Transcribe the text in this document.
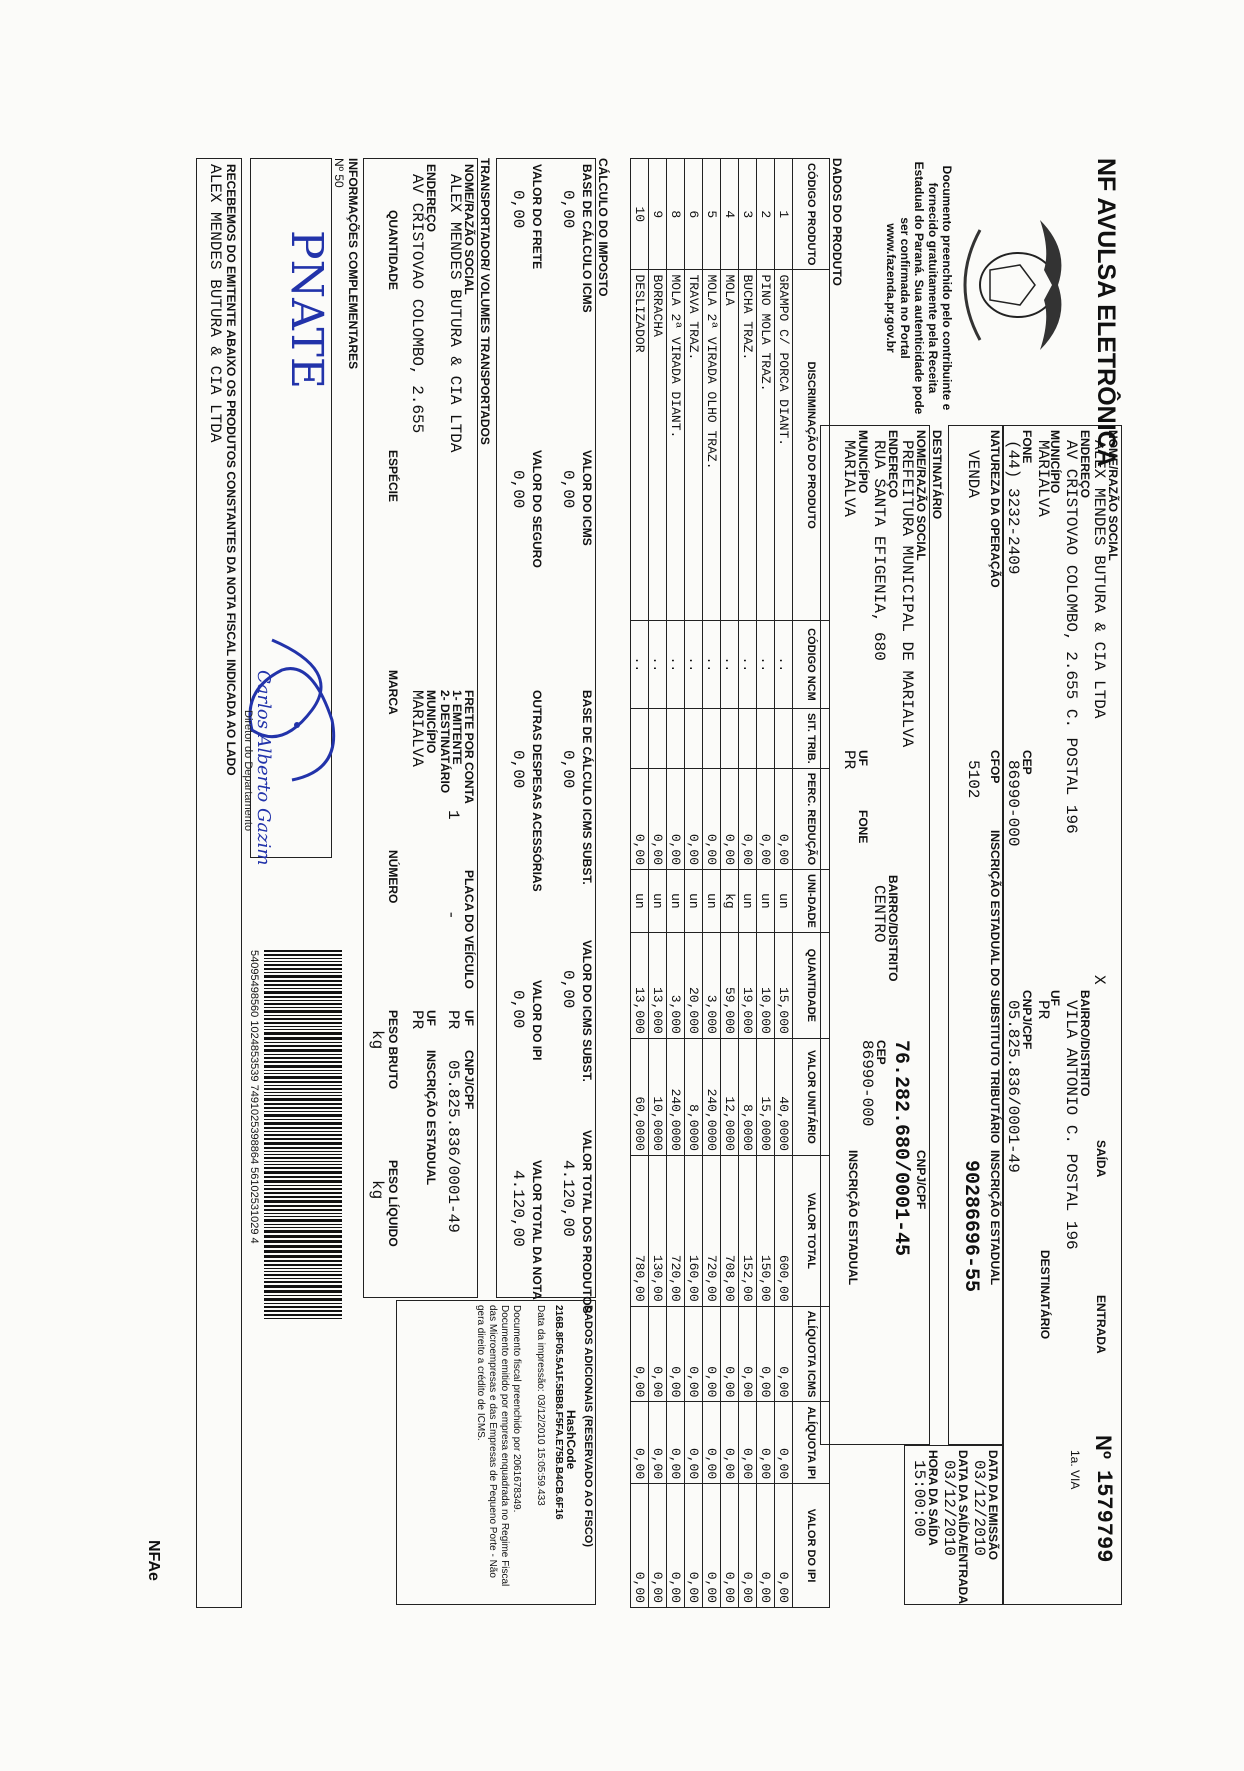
NF AVULSA ELETRÔNICA
Documento preenchido pelo contribuinte e fornecido gratuitamente pela Receita Estadual do Paraná. Sua autenticidade pode ser confirmada no Portal www.fazenda.pr.gov.br
NOME/RAZÃO SOCIAL
ALEX MENDES BUTURA & CIA LTDA
ENDEREÇO
AV CRISTOVAO COLOMBO, 2.655 C. POSTAL 196
MUNICÍPIO
MARIALVA
FONE
(44) 3232-2409
CEP
86990-000
X
SAÍDA
ENTRADA
Nº
1579799
1a. VIA
BAIRRO/DISTRITO
VILA ANTONIO C. POSTAL 196
UF
PR
DESTINATÁRIO
CNPJ/CPF
05.825.836/0001-49
NATUREZA DA OPERAÇÃO
VENDA
CFOP
5102
INSCRIÇÃO ESTADUAL DO SUBSTITUTO TRIBUTÁRIO
INSCRIÇÃO ESTADUAL
90286696-55
DATA DA EMISSÃO
03/12/2010
DATA DA SAÍDA/ENTRADA
03/12/2010
HORA DA SAÍDA
15:00:00
DESTINATÁRIO
NOME/RAZÃO SOCIAL
PREFEITURA MUNICIPAL DE MARIALVA
CNPJ/CPF
76.282.680/0001-45
ENDEREÇO
RUA SANTA EFIGENIA, 680
BAIRRO/DISTRITO
CENTRO
CEP
86990-000
MUNICÍPIO
MARIALVA
UF
PR
FONE
INSCRIÇÃO ESTADUAL
DADOS DO PRODUTO
CÓDIGO PRODUTO	DISCRIMINAÇÃO DO PRODUTO	CÓDIGO NCM	SIT. TRIB.	PERC. REDUÇÃO	UNI-DADE	QUANTIDADE	VALOR UNITÁRIO	VALOR TOTAL	ALÍQUOTA ICMS	ALÍQUOTA IPI	VALOR DO IPI
1	GRAMPO C/ PORCA DIANT.	..		0,00	un	15,000	40,0000	600,00	0,00	0,00	0,00
2	PINO MOLA TRAZ.	..		0,00	un	10,000	15,0000	150,00	0,00	0,00	0,00
3	BUCHA TRAZ.	..		0,00	un	19,000	8,0000	152,00	0,00	0,00	0,00
4	MOLA	..		0,00	kg	59,000	12,0000	708,00	0,00	0,00	0,00
5	MOLA 2ª VIRADA OLHO TRAZ.	..		0,00	un	3,000	240,0000	720,00	0,00	0,00	0,00
6	TRAVA TRAZ.	..		0,00	un	20,000	8,0000	160,00	0,00	0,00	0,00
8	MOLA 2ª VIRADA DIANT.	..		0,00	un	3,000	240,0000	720,00	0,00	0,00	0,00
9	BORRACHA	..		0,00	un	13,000	10,0000	130,00	0,00	0,00	0,00
10	DESLIZADOR	..		0,00	un	13,000	60,0000	780,00	0,00	0,00	0,00
CÁLCULO DO IMPOSTO
BASE DE CÁLCULO ICMS
0,00
VALOR DO ICMS
0,00
BASE DE CÁLCULO ICMS SUBST.
0,00
VALOR DO ICMS SUBST.
0,00
VALOR TOTAL DOS PRODUTOS
4.120,00
VALOR DO FRETE
0,00
VALOR DO SEGURO
0,00
OUTRAS DESPESAS ACESSÓRIAS
0,00
VALOR DO IPI
0,00
VALOR TOTAL DA NOTA
4.120,00
DADOS ADICIONAIS (RESERVADO AO FISCO)
HashCode
216B.8F05.5A1F.5BB8.F5FA.E75B.B4CB.6F16
Data da impressão: 03/12/2010 15:05:59.433
Documento fiscal preenchido por 2061678349.
Documento emitido por empresa enquadrada no Regime Fiscal das Microempresas e das Empresas de Pequeno Porte - Não gera direito a crédito de ICMS.
TRANSPORTADOR/ VOLUMES TRANSPORTADOS
NOME/RAZÃO SOCIAL
ALEX MENDES BUTURA & CIA LTDA
FRETE POR CONTA
1- EMITENTE
2- DESTINATÁRIO
1
PLACA DO VEÍCULO
-
UF
PR
CNPJ/CPF
05.825.836/0001-49
ENDEREÇO
AV CRISTOVAO COLOMBO, 2.655
MUNICÍPIO
MARIALVA
UF
PR
INSCRIÇÃO ESTADUAL
QUANTIDADE
ESPÉCIE
MARCA
NÚMERO
PESO BRUTO
kg
PESO LÍQUIDO
kg
INFORMAÇÕES COMPLEMENTARES
Nº 50
PNATE
Carlos Alberto Gazim
Diretor do Departamento
54095498560 1024853539 7491025398864 56102531029 4
RECEBEMOS DO EMITENTE ABAIXO OS PRODUTOS CONSTANTES DA NOTA FISCAL INDICADA AO LADO
ALEX MENDES BUTURA & CIA LTDA
NFAe
